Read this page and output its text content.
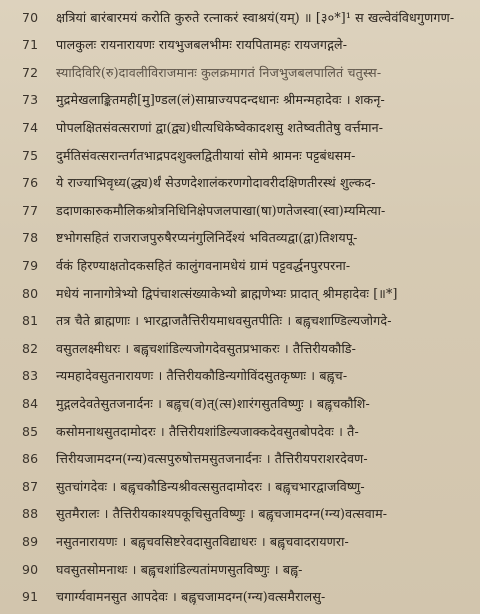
70	क्षत्रियां बारंबारमयं करोति कुरुते रत्नाकरं स्वाश्रयं(यम्) ॥ [३०*]¹ स खल्वेवंविधगुणगण-
71	पालकुलः रायनारायणः रायभुजबलभीमः रायपितामहः रायजगद्गले-
72	स्यादिविरि(रु)दावलीविराजमानः कुलक्रमागतं निजभुजबलपालितं चतुस्स-
73	मुद्रमेखलाङ्कितमही[मु]ण्डल(लं)साम्राज्यपदन्दधानः श्रीमन्महादेवः । शकनृ-
74	पोपलक्षितसंवत्सराणां द्वा(द्व्य)धीत्यधिकेष्वेकादशसु शतेष्वतीतेषु वर्त्तमान-
75	दुर्मतिसंवत्सरान्तर्गतभाद्रपदशुक्लद्वितीयायां सोमे श्रामनः पट्टबंधसम-
76	ये राज्याभिवृध्य(द्ध्य)र्थं सेउणदेशालंकरणगोदावरीदक्षिणतीरस्थं शुल्कद-
77	डदाणकारुकमौलिकश्रोत्रनिधिनिक्षेपजलपाखा(षा)णतेजस्वा(स्वा)म्यमित्या-
78	ष्टभोगसहितं राजराजपुरुषैरप्यनंगुलिनिर्देश्यं भवितव्यद्वा(द्वा)तिशयपू-
79	र्वकं हिरण्याक्षतोदकसहितं कालुंगवनामधेयं ग्रामं पट्टवर्द्धनपुरपरना-
80	मधेयं नानागोत्रेभ्यो द्विपंचाशत्संख्याकेभ्यो ब्राह्मणेभ्यः प्रादात् श्रीमहादेवः [॥*]
81	तत्र चैते ब्राह्मणाः । भारद्वाजतैत्तिरीयमाधवसुतपीतिः । बह्वृचशाण्डिल्यजोगदे-
82	वसुतलक्ष्मीधरः । बह्वृचशांडिल्यजोगदेवसुतप्रभाकरः । तैत्तिरीयकौडि-
83	न्यमहादेवसुतनारायणः । तैत्तिरीयकौडिन्यगोविंदसुतकृष्णः । बह्वृच-
84	मुद्गलदेवतेसुतजनार्दनः । बह्वृच(व)त्(त्स)शारंगसुतविष्णुः । बह्वृचकौशि-
85	कसोमनाथसुतदामोदरः । तैत्तिरीयशांडिल्यजाक्कदेवसुतबोपदेवः । तै-
86	त्तिरीयजामदग्न(ग्न्य)वत्सपुरुषोत्तमसुतजनार्दनः । तैत्तिरीयपराशरदेवण-
87	सुतचांगदेवः । बह्वृचकौडिन्यश्रीवत्ससुतदामोदरः । बह्वृचभारद्वाजविष्णु-
88	सुतमैरालः । तैत्तिरीयकाश्यपकूचिसुतविष्णुः । बह्वृचजामदग्न(ग्न्य)वत्सवाम-
89	नसुतनारायणः । बह्वृचवसिष्टरेवदासुतविद्याधरः । बह्वृचवादरायणरा-
90	घवसुतसोमनाथः । बह्वृचशांडिल्यतांमणसुतविष्णुः । बह्वृ-
91	चगार्ग्यवामनसुत आपदेवः । बह्वृचजामदग्न(ग्न्य)वत्समैरालसु-
